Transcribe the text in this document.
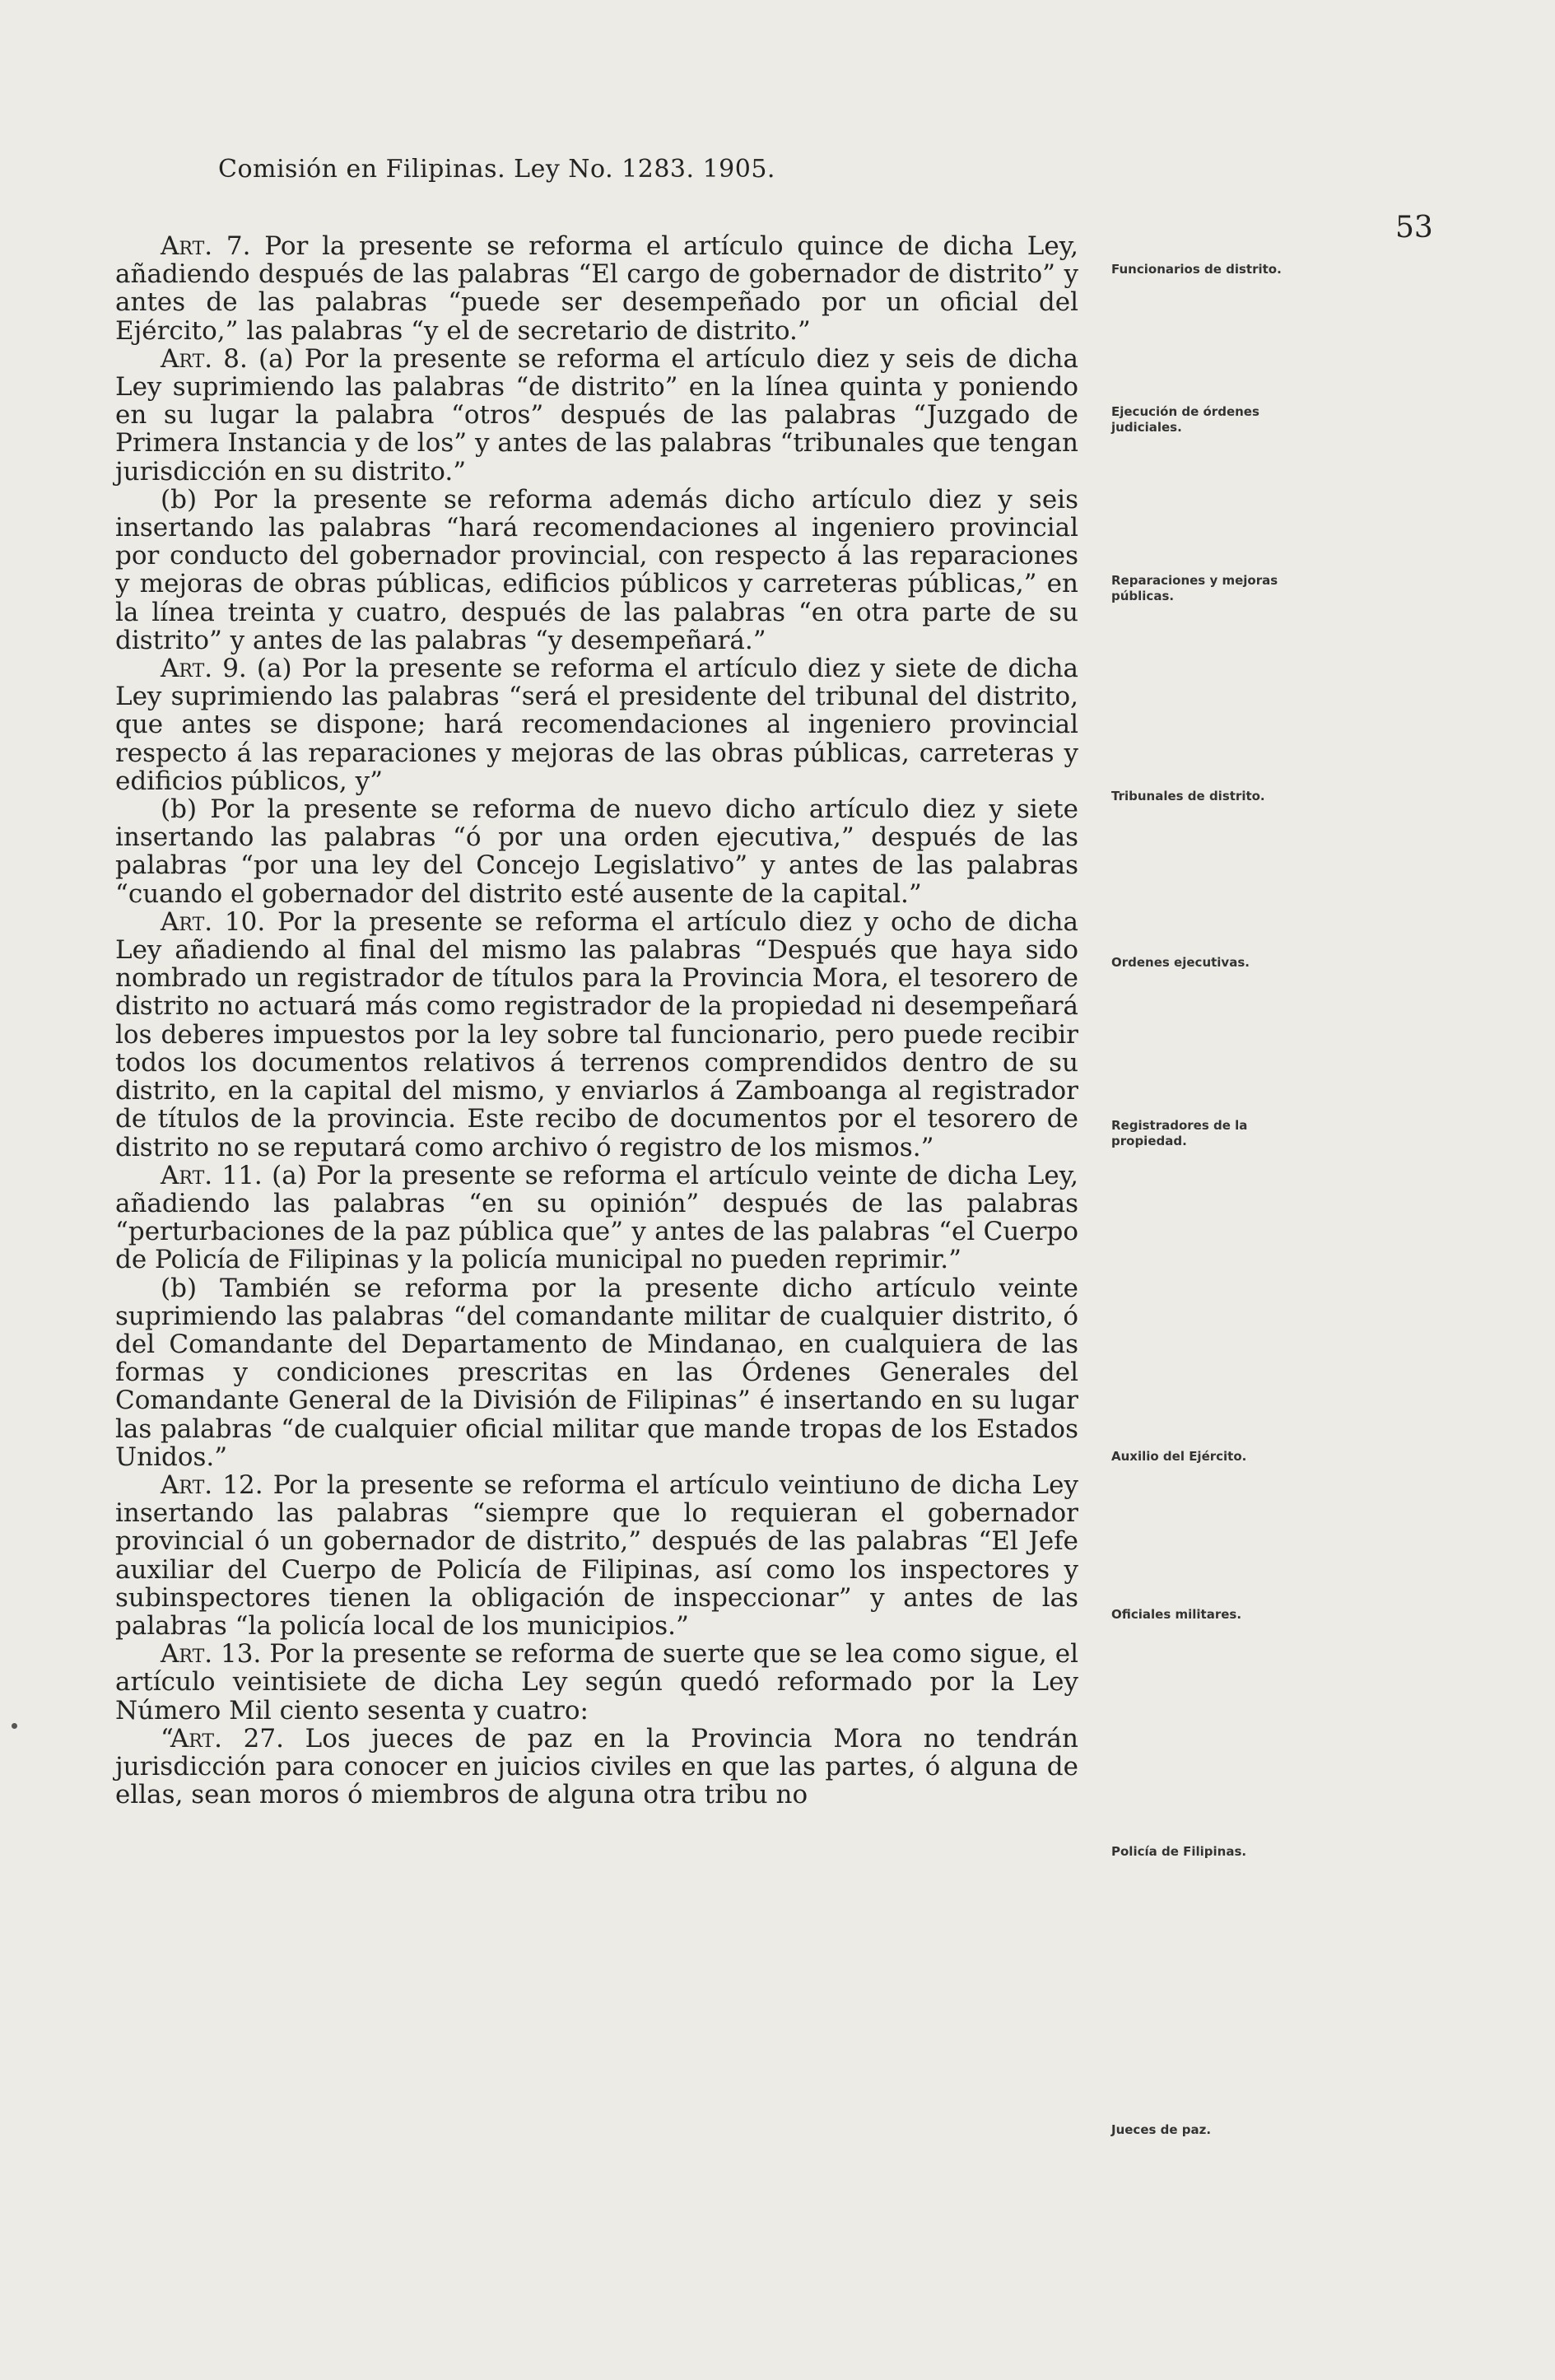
Comisión en Filipinas. Ley No. 1283. 1905.
53

Art. 7. Por la presente se reforma el artículo quince de dicha Ley, añadiendo después de las palabras “El cargo de gobernador de distrito” y antes de las palabras “puede ser desempeñado por un oficial del Ejército,” las palabras “y el de secretario de distrito.”

Art. 8. (a) Por la presente se reforma el artículo diez y seis de dicha Ley suprimiendo las palabras “de distrito” en la línea quinta y poniendo en su lugar la palabra “otros” después de las palabras “Juzgado de Primera Instancia y de los” y antes de las palabras “tribunales que tengan jurisdicción en su distrito.”

(b) Por la presente se reforma además dicho artículo diez y seis insertando las palabras “hará recomendaciones al ingeniero provincial por conducto del gobernador provincial, con respecto á las reparaciones y mejoras de obras públicas, edificios públicos y carreteras públicas,” en la línea treinta y cuatro, después de las palabras “en otra parte de su distrito” y antes de las palabras “y desempeñará.”

Art. 9. (a) Por la presente se reforma el artículo diez y siete de dicha Ley suprimiendo las palabras “será el presidente del tribunal del distrito, que antes se dispone; hará recomendaciones al ingeniero provincial respecto á las reparaciones y mejoras de las obras públicas, carreteras y edificios públicos, y”

(b) Por la presente se reforma de nuevo dicho artículo diez y siete insertando las palabras “ó por una orden ejecutiva,” después de las palabras “por una ley del Concejo Legislativo” y antes de las palabras “cuando el gobernador del distrito esté ausente de la capital.”

Art. 10. Por la presente se reforma el artículo diez y ocho de dicha Ley añadiendo al final del mismo las palabras “Después que haya sido nombrado un registrador de títulos para la Provincia Mora, el tesorero de distrito no actuará más como registrador de la propiedad ni desempeñará los deberes impuestos por la ley sobre tal funcionario, pero puede recibir todos los documentos relativos á terrenos comprendidos dentro de su distrito, en la capital del mismo, y enviarlos á Zamboanga al registrador de títulos de la provincia. Este recibo de documentos por el tesorero de distrito no se reputará como archivo ó registro de los mismos.”

Art. 11. (a) Por la presente se reforma el artículo veinte de dicha Ley, añadiendo las palabras “en su opinión” después de las palabras “perturbaciones de la paz pública que” y antes de las palabras “el Cuerpo de Policía de Filipinas y la policía municipal no pueden reprimir.”

(b) También se reforma por la presente dicho artículo veinte suprimiendo las palabras “del comandante militar de cualquier distrito, ó del Comandante del Departamento de Mindanao, en cualquiera de las formas y condiciones prescritas en las Órdenes Generales del Comandante General de la División de Filipinas” é insertando en su lugar las palabras “de cualquier oficial militar que mande tropas de los Estados Unidos.”

Art. 12. Por la presente se reforma el artículo veintiuno de dicha Ley insertando las palabras “siempre que lo requieran el gobernador provincial ó un gobernador de distrito,” después de las palabras “El Jefe auxiliar del Cuerpo de Policía de Filipinas, así como los inspectores y subinspectores tienen la obligación de inspeccionar” y antes de las palabras “la policía local de los municipios.”

Art. 13. Por la presente se reforma de suerte que se lea como sigue, el artículo veintisiete de dicha Ley según quedó reformado por la Ley Número Mil ciento sesenta y cuatro:

“Art. 27. Los jueces de paz en la Provincia Mora no tendrán jurisdicción para conocer en juicios civiles en que las partes, ó alguna de ellas, sean moros ó miembros de alguna otra tribu no

Funcionarios de distrito.
Ejecución de órdenes judiciales.
Reparaciones y mejoras públicas.
Tribunales de distrito.
Ordenes ejecutivas.
Registradores de la propiedad.
Auxilio del Ejército.
Oficiales militares.
Policía de Filipinas.
Jueces de paz.
